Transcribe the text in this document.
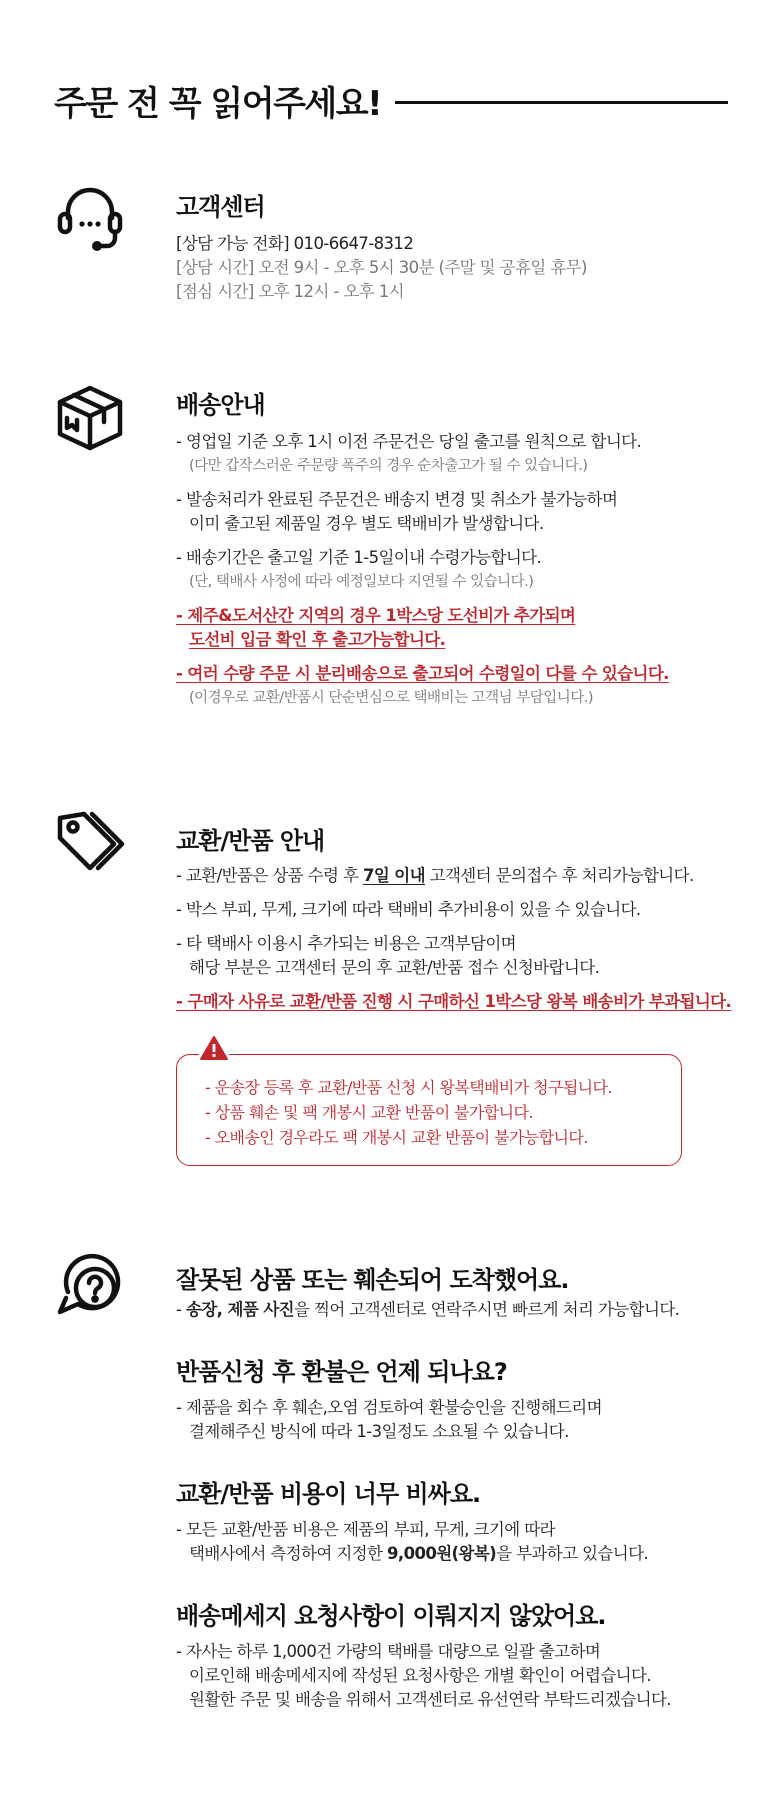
주문 전 꼭 읽어주세요!
고객센터
[상담 가능 전화] 010-6647-8312
[상담 시간] 오전 9시 - 오후 5시 30분 (주말 및 공휴일 휴무)
[점심 시간] 오후 12시 - 오후 1시
배송안내
- 영업일 기준 오후 1시 이전 주문건은 당일 출고를 원칙으로 합니다.
(다만 갑작스러운 주문량 폭주의 경우 순차출고가 될 수 있습니다.)
- 발송처리가 완료된 주문건은 배송지 변경 및 취소가 불가능하며
이미 출고된 제품일 경우 별도 택배비가 발생합니다.
- 배송기간은 출고일 기준 1-5일이내 수령가능합니다.
(단, 택배사 사정에 따라 예정일보다 지연될 수 있습니다.)
- 제주&도서산간 지역의 경우 1박스당 도선비가 추가되며
도선비 입금 확인 후 출고가능합니다.
- 여러 수량 주문 시 분리배송으로 출고되어 수령일이 다를 수 있습니다.
(이경우로 교환/반품시 단순변심으로 택배비는 고객님 부담입니다.)
교환/반품 안내
- 교환/반품은 상품 수령 후 7일 이내 고객센터 문의접수 후 처리가능합니다.
- 박스 부피, 무게, 크기에 따라 택배비 추가비용이 있을 수 있습니다.
- 타 택배사 이용시 추가되는 비용은 고객부담이며
해당 부분은 고객센터 문의 후 교환/반품 접수 신청바랍니다.
- 구매자 사유로 교환/반품 진행 시 구매하신 1박스당 왕복 배송비가 부과됩니다.
- 운송장 등록 후 교환/반품 신청 시 왕복택배비가 청구됩니다.
- 상품 훼손 및 팩 개봉시 교환 반품이 불가합니다.
- 오배송인 경우라도 팩 개봉시 교환 반품이 불가능합니다.
잘못된 상품 또는 훼손되어 도착했어요.
- 송장, 제품 사진을 찍어 고객센터로 연락주시면 빠르게 처리 가능합니다.
반품신청 후 환불은 언제 되나요?
- 제품을 회수 후 훼손,오염 검토하여 환불승인을 진행해드리며
결제해주신 방식에 따라 1-3일정도 소요될 수 있습니다.
교환/반품 비용이 너무 비싸요.
- 모든 교환/반품 비용은 제품의 부피, 무게, 크기에 따라
택배사에서 측정하여 지정한 9,000원(왕복)을 부과하고 있습니다.
배송메세지 요청사항이 이뤄지지 않았어요.
- 자사는 하루 1,000건 가량의 택배를 대량으로 일괄 출고하며
이로인해 배송메세지에 작성된 요청사항은 개별 확인이 어렵습니다.
원활한 주문 및 배송을 위해서 고객센터로 유선연락 부탁드리겠습니다.
